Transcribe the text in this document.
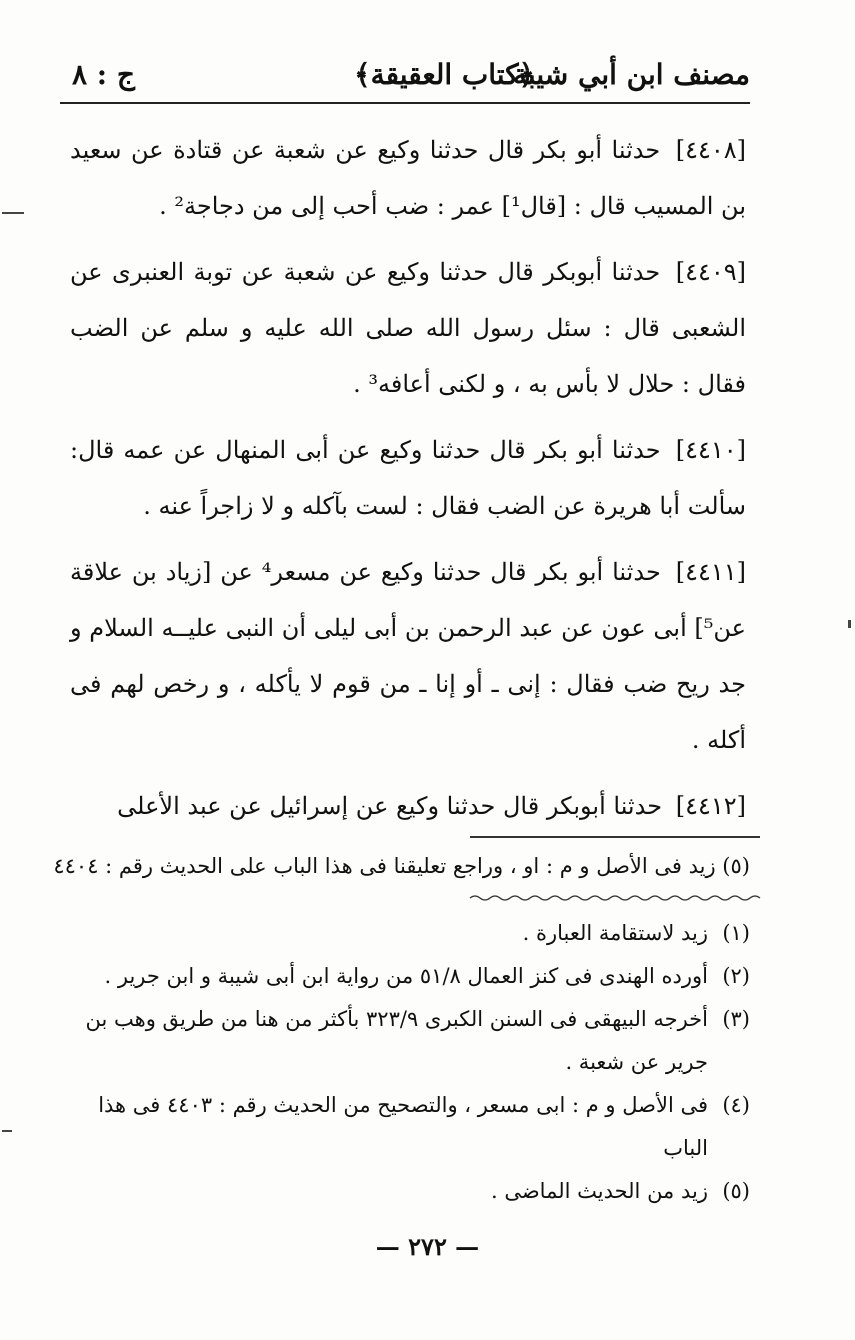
مصنف ابن أبي شيبة
﴿كتاب العقيقة﴾
ج : ٨

[٤٤٠٨] حدثنا أبو بكر قال حدثنا وكيع عن شعبة عن قتادة عن سعيد بن المسيب قال : [قال¹] عمر : ضب أحب إلى من دجاجة² .

[٤٤٠٩] حدثنا أبوبكر قال حدثنا وكيع عن شعبة عن توبة العنبرى عن الشعبى قال : سئل رسول الله صلى الله عليه و سلم عن الضب فقال : حلال لا بأس به ، و لكنى أعافه³ .

[٤٤١٠] حدثنا أبو بكر قال حدثنا وكيع عن أبى المنهال عن عمه قال: سألت أبا هريرة عن الضب فقال : لست بآكله و لا زاجراً عنه .

[٤٤١١] حدثنا أبو بكر قال حدثنا وكيع عن مسعر⁴ عن [زياد بن علاقة عن⁵] أبى عون عن عبد الرحمن بن أبى ليلى أن النبى عليــه السلام و جد ريح ضب فقال : إنى ـ أو إنا ـ من قوم لا يأكله ، و رخص لهم فى أكله .

[٤٤١٢] حدثنا أبوبكر قال حدثنا وكيع عن إسرائيل عن عبد الأعلى

(٥) زيد فى الأصل و م : او ، وراجع تعليقنا فى هذا الباب على الحديث رقم : ٤٤٠٤

(١)زيد لاستقامة العبارة .

(٢)أورده الهندى فى كنز العمال ٥١/٨ من رواية ابن أبى شيبة و ابن جرير .

(٣)أخرجه البيهقى فى السنن الكبرى ٣٢٣/٩ بأكثر من هنا من طريق وهب بن جرير عن شعبة .

(٤)فى الأصل و م : ابى مسعر ، والتصحيح من الحديث رقم : ٤٤٠٣ فى هذا الباب

(٥)زيد من الحديث الماضى .

— ٢٧٢ —
